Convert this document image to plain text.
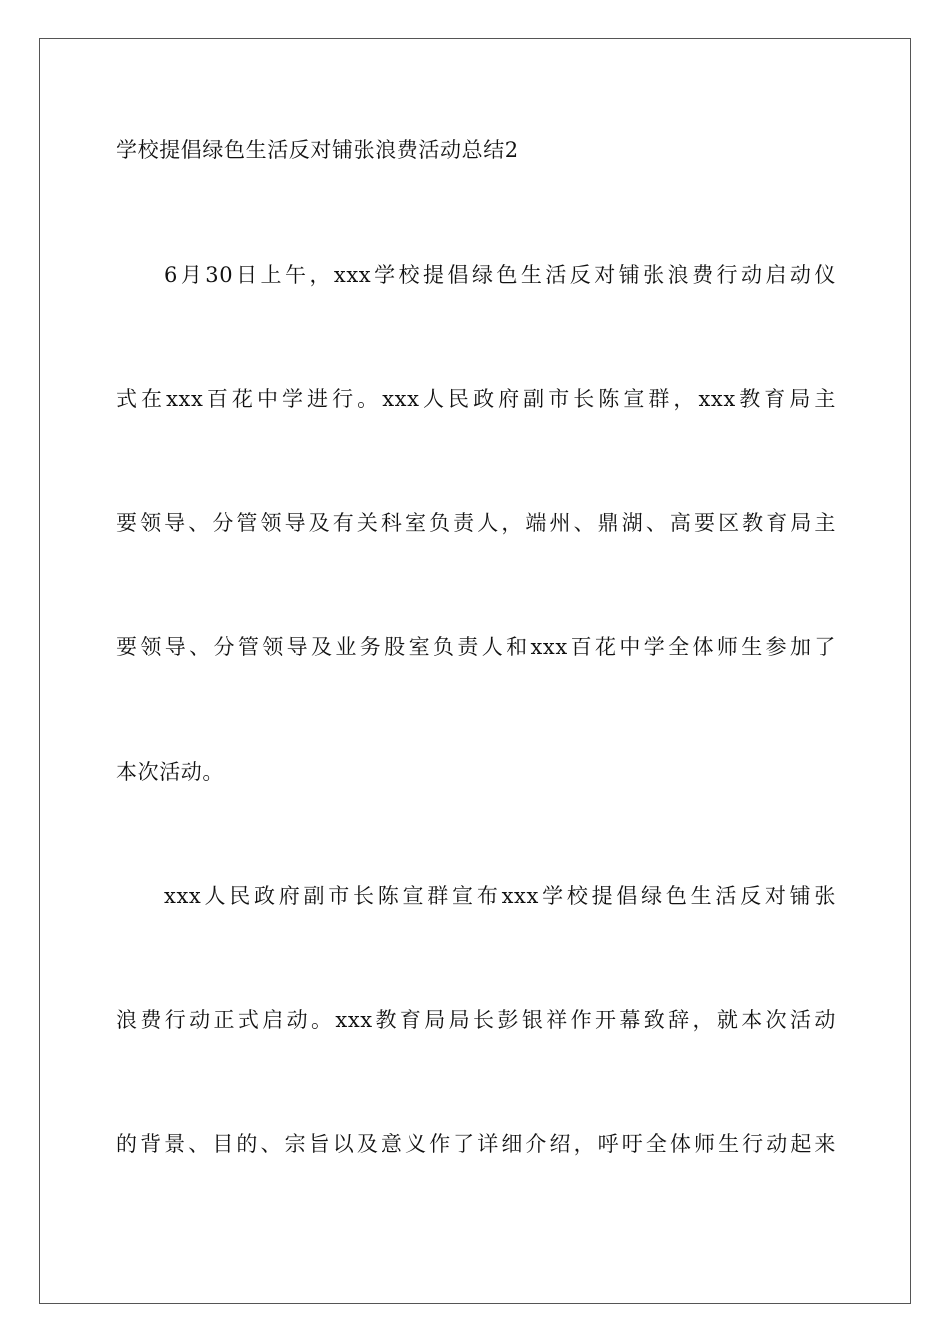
学校提倡绿色生活反对铺张浪费活动总结2
6月30日上午，xxx学校提倡绿色生活反对铺张浪费行动启动仪
式在xxx百花中学进行。xxx人民政府副市长陈宣群，xxx教育局主
要领导、分管领导及有关科室负责人，端州、鼎湖、高要区教育局主
要领导、分管领导及业务股室负责人和xxx百花中学全体师生参加了
本次活动。
xxx人民政府副市长陈宣群宣布xxx学校提倡绿色生活反对铺张
浪费行动正式启动。xxx教育局局长彭银祥作开幕致辞，就本次活动
的背景、目的、宗旨以及意义作了详细介绍，呼吁全体师生行动起来
